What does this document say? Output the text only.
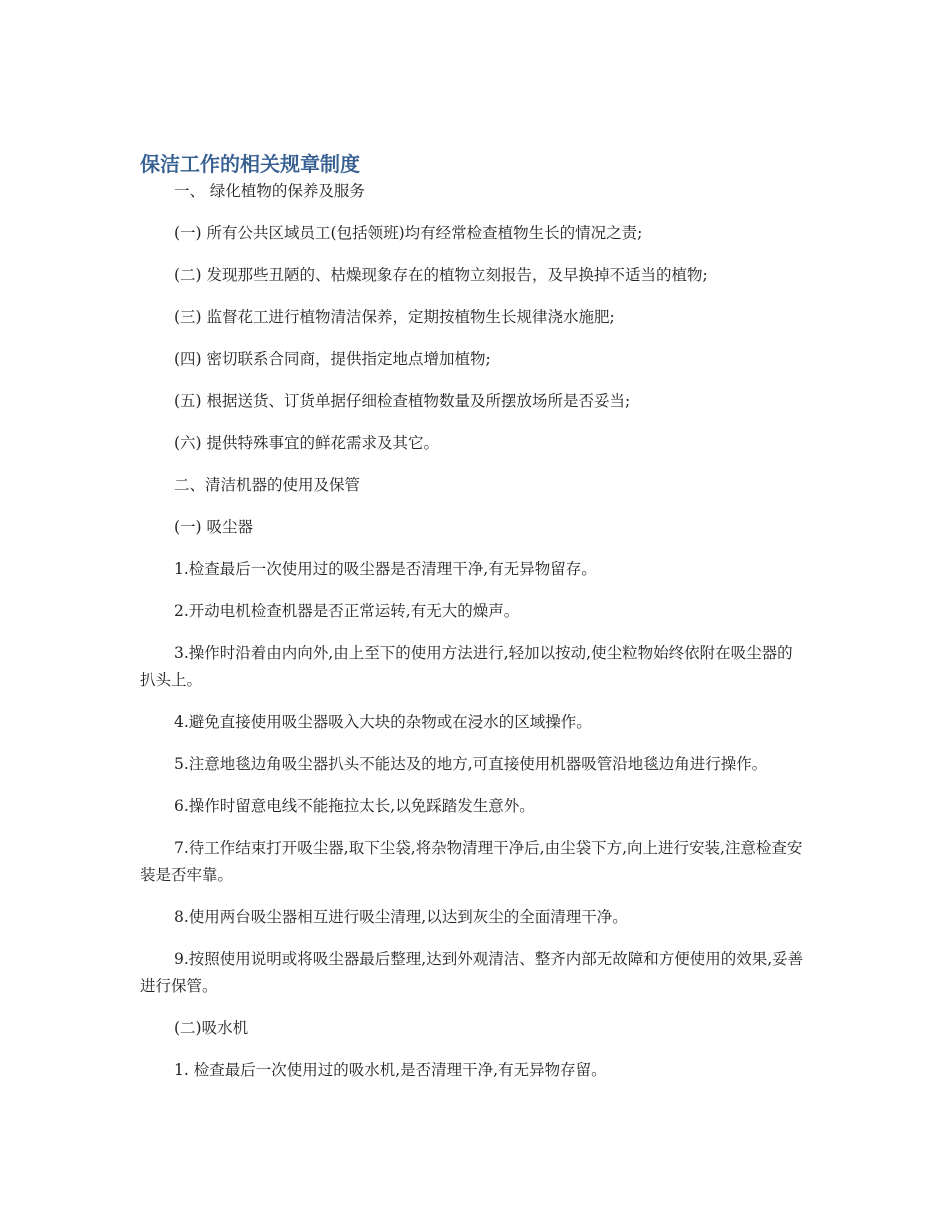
保洁工作的相关规章制度

一、 绿化植物的保养及服务

(一) 所有公共区域员工(包括领班)均有经常检查植物生长的情况之责;

(二) 发现那些丑陋的、枯燥现象存在的植物立刻报告，及早换掉不适当的植物;

(三) 监督花工进行植物清洁保养，定期按植物生长规律浇水施肥;

(四) 密切联系合同商，提供指定地点增加植物;

(五) 根据送货、订货单据仔细检查植物数量及所摆放场所是否妥当;

(六) 提供特殊事宜的鲜花需求及其它。

二、清洁机器的使用及保管

(一) 吸尘器

1.检查最后一次使用过的吸尘器是否清理干净,有无异物留存。

2.开动电机检查机器是否正常运转,有无大的燥声。

3.操作时沿着由内向外,由上至下的使用方法进行,轻加以按动,使尘粒物始终依附在吸尘器的扒头上。

4.避免直接使用吸尘器吸入大块的杂物或在浸水的区域操作。

5.注意地毯边角吸尘器扒头不能达及的地方,可直接使用机器吸管沿地毯边角进行操作。

6.操作时留意电线不能拖拉太长,以免踩踏发生意外。

7.待工作结束打开吸尘器,取下尘袋,将杂物清理干净后,由尘袋下方,向上进行安装,注意检查安装是否牢靠。

8.使用两台吸尘器相互进行吸尘清理,以达到灰尘的全面清理干净。

9.按照使用说明或将吸尘器最后整理,达到外观清洁、整齐内部无故障和方便使用的效果,妥善进行保管。

(二)吸水机

1. 检查最后一次使用过的吸水机,是否清理干净,有无异物存留。
